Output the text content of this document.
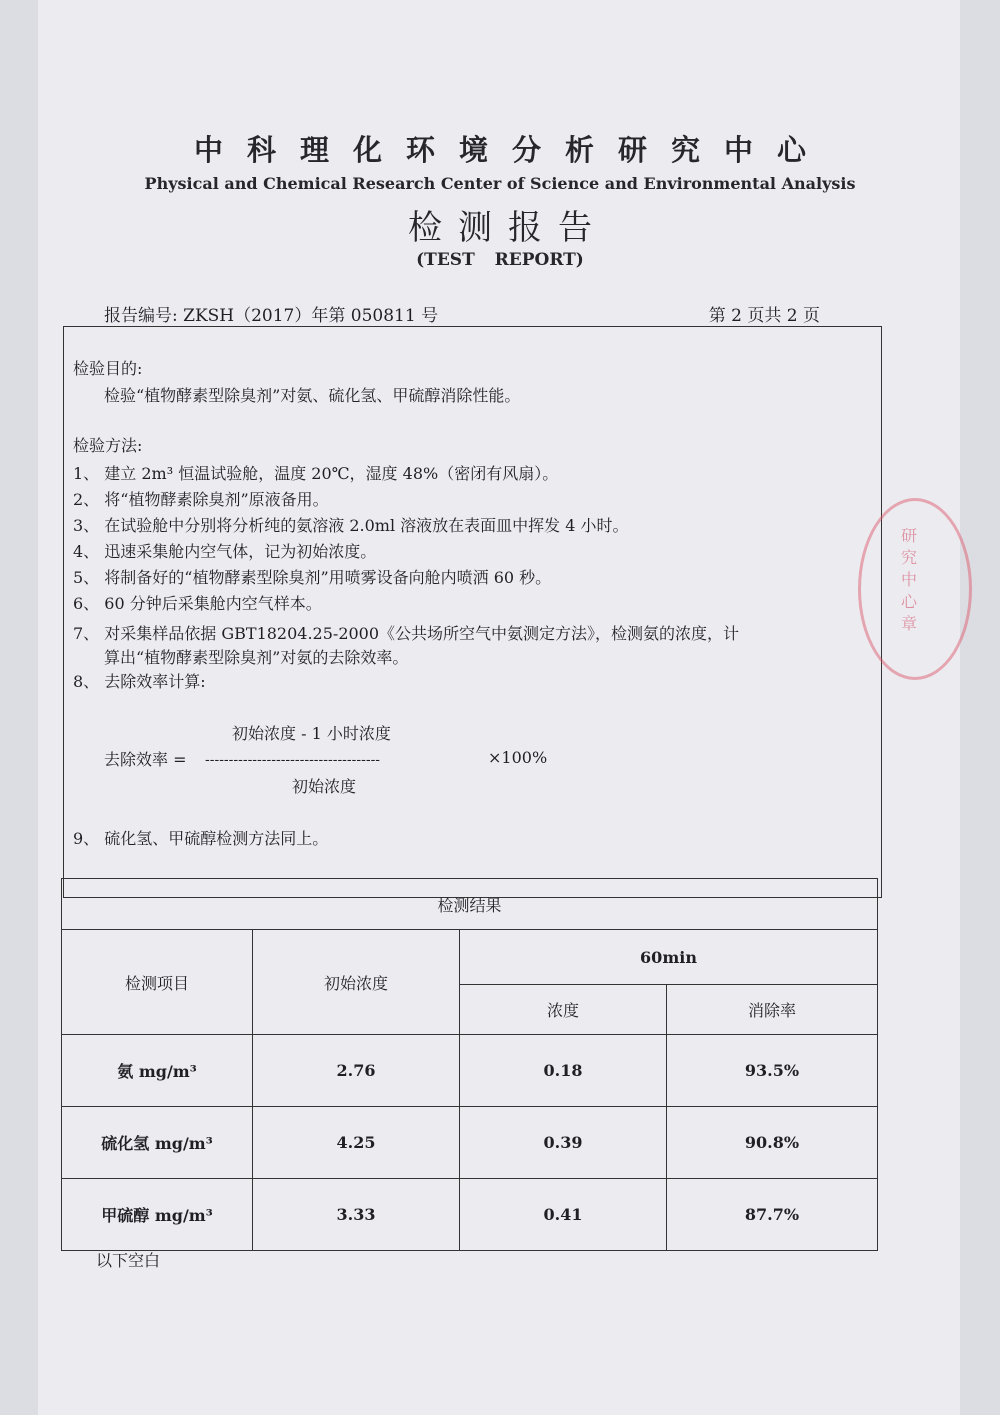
中科理化环境分析研究中心
Physical and Chemical Research Center of Science and Environmental Analysis
检测报告
(TEST REPORT)
报告编号: ZKSH（2017）年第 050811 号	第 2 页共 2 页
检验目的:
检验“植物酵素型除臭剂”对氨、硫化氢、甲硫醇消除性能。
检验方法:
1、 建立 2m³ 恒温试验舱，温度 20℃，湿度 48%（密闭有风扇）。
2、 将“植物酵素除臭剂”原液备用。
3、 在试验舱中分别将分析纯的氨溶液 2.0ml 溶液放在表面皿中挥发 4 小时。
4、 迅速采集舱内空气体，记为初始浓度。
5、 将制备好的“植物酵素型除臭剂”用喷雾设备向舱内喷洒 60 秒。
6、 60 分钟后采集舱内空气样本。
7、 对采集样品依据 GBT18204.25-2000《公共场所空气中氨测定方法》，检测氨的浓度，计
算出“植物酵素型除臭剂”对氨的去除效率。
8、 去除效率计算:
初始浓度 - 1 小时浓度
去除效率 = -------------------------------------	×100%
初始浓度
9、 硫化氢、甲硫醇检测方法同上。
检测结果			
检测项目	初始浓度	60min	
		浓度	消除率
氨 mg/m³	2.76	0.18	93.5%
硫化氢 mg/m³	4.25	0.39	90.8%
甲硫醇 mg/m³	3.33	0.41	87.7%
以下空白
研究中心章
